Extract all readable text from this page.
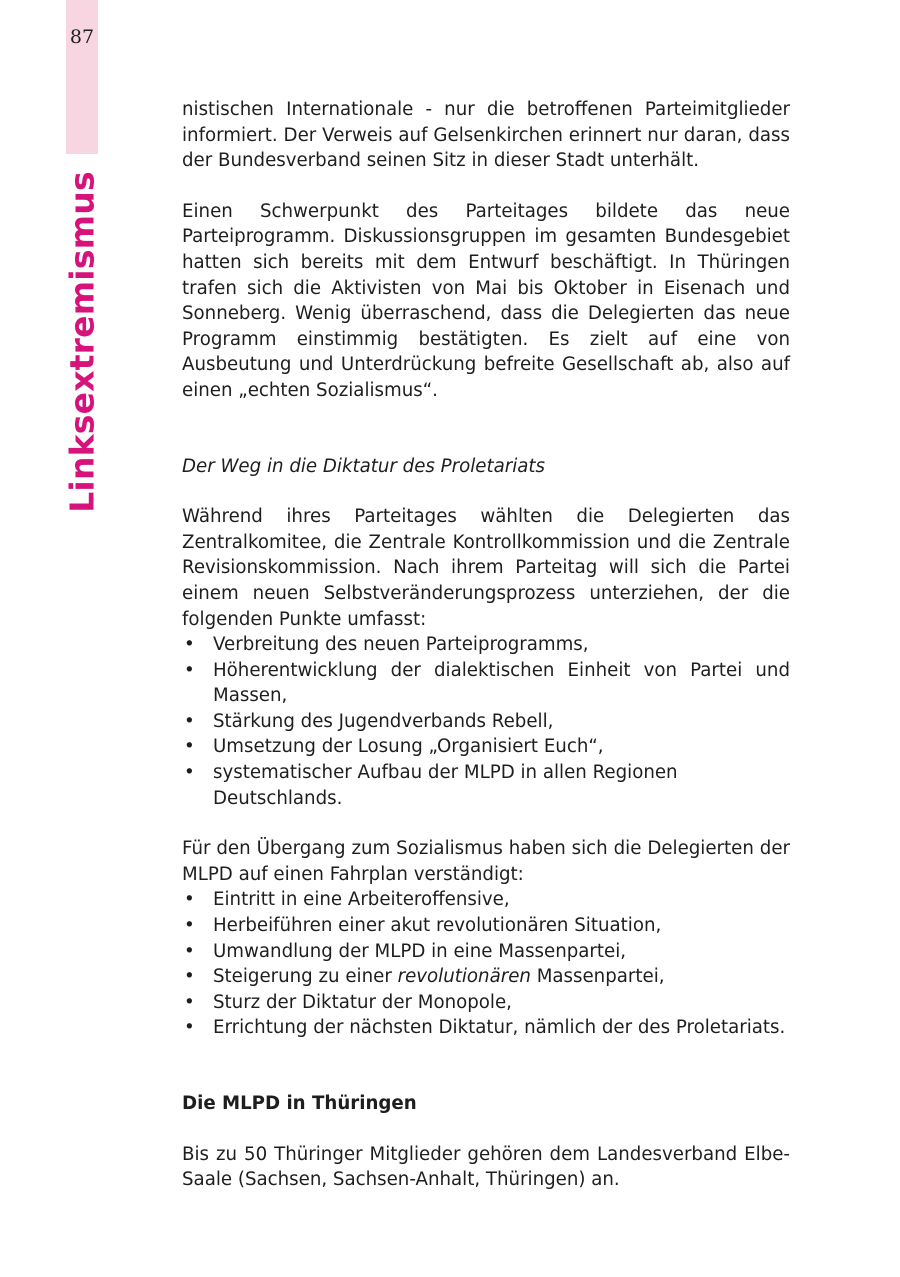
87
Linksextremismus

nistischen Internationale - nur die betroffenen Parteimitglieder informiert. Der Verweis auf Gelsenkirchen erinnert nur daran, dass der Bundesverband seinen Sitz in dieser Stadt unterhält.

Einen Schwerpunkt des Parteitages bildete das neue Parteiprogramm. Diskussionsgruppen im gesamten Bundesgebiet hatten sich bereits mit dem Entwurf beschäftigt. In Thüringen trafen sich die Aktivisten von Mai bis Oktober in Eisenach und Sonneberg. Wenig überraschend, dass die Delegierten das neue Programm einstimmig bestätigten. Es zielt auf eine von Ausbeutung und Unterdrückung befreite Gesellschaft ab, also auf einen „echten Sozialismus“.

Der Weg in die Diktatur des Proletariats

Während ihres Parteitages wählten die Delegierten das Zentralkomitee, die Zentrale Kontrollkommission und die Zentrale Revisionskommission. Nach ihrem Parteitag will sich die Partei einem neuen Selbstveränderungsprozess unterziehen, der die folgenden Punkte umfasst:

• Verbreitung des neuen Parteiprogramms,
• Höherentwicklung der dialektischen Einheit von Partei und Massen,
• Stärkung des Jugendverbands Rebell,
• Umsetzung der Losung „Organisiert Euch“,
• systematischer Aufbau der MLPD in allen Regionen Deutschlands.

Für den Übergang zum Sozialismus haben sich die Delegierten der MLPD auf einen Fahrplan verständigt:

• Eintritt in eine Arbeiteroffensive,
• Herbeiführen einer akut revolutionären Situation,
• Umwandlung der MLPD in eine Massenpartei,
• Steigerung zu einer revolutionären Massenpartei,
• Sturz der Diktatur der Monopole,
• Errichtung der nächsten Diktatur, nämlich der des Proletariats.

Die MLPD in Thüringen

Bis zu 50 Thüringer Mitglieder gehören dem Landesverband Elbe-Saale (Sachsen, Sachsen-Anhalt, Thüringen) an.
